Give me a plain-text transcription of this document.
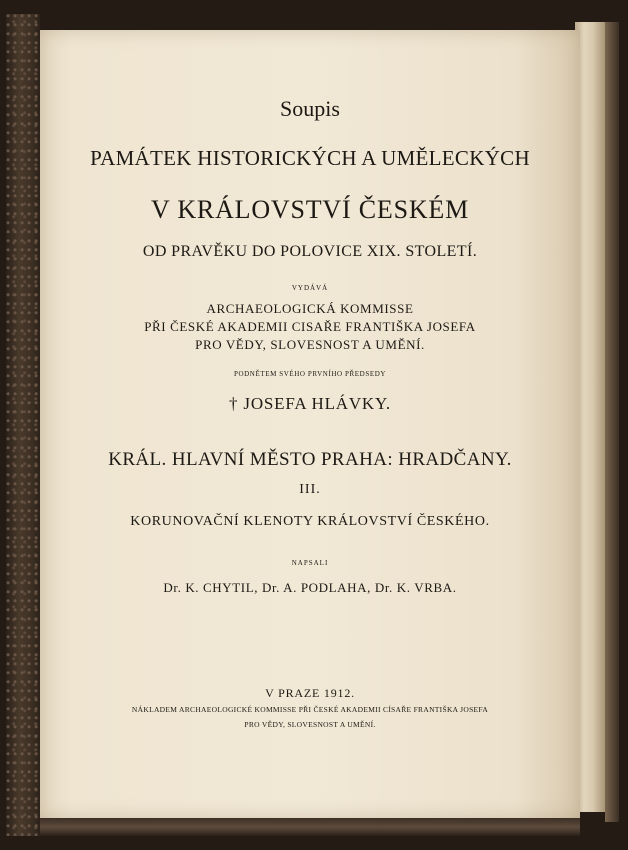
Soupis
PAMÁTEK HISTORICKÝCH A UMĚLECKÝCH
V KRÁLOVSTVÍ ČESKÉM
OD PRAVĚKU DO POLOVICE XIX. STOLETÍ.
VYDÁVÁ
ARCHAEOLOGICKÁ KOMMISSE
PŘI ČESKÉ AKADEMII CISAŘE FRANTIŠKA JOSEFA
PRO VĚDY, SLOVESNOST A UMĚNÍ.
PODNĚTEM SVÉHO PRVNÍHO PŘEDSEDY
† JOSEFA HLÁVKY.
KRÁL. HLAVNÍ MĚSTO PRAHA: HRADČANY.
III.
KORUNOVAČNÍ KLENOTY KRÁLOVSTVÍ ČESKÉHO.
NAPSALI
Dr. K. CHYTIL, Dr. A. PODLAHA, Dr. K. VRBA.
V PRAZE 1912.
NÁKLADEM ARCHAEOLOGICKÉ KOMMISSE PŘI ČESKÉ AKADEMII CÍSAŘE FRANTIŠKA JOSEFA
PRO VĚDY, SLOVESNOST A UMĚNÍ.
